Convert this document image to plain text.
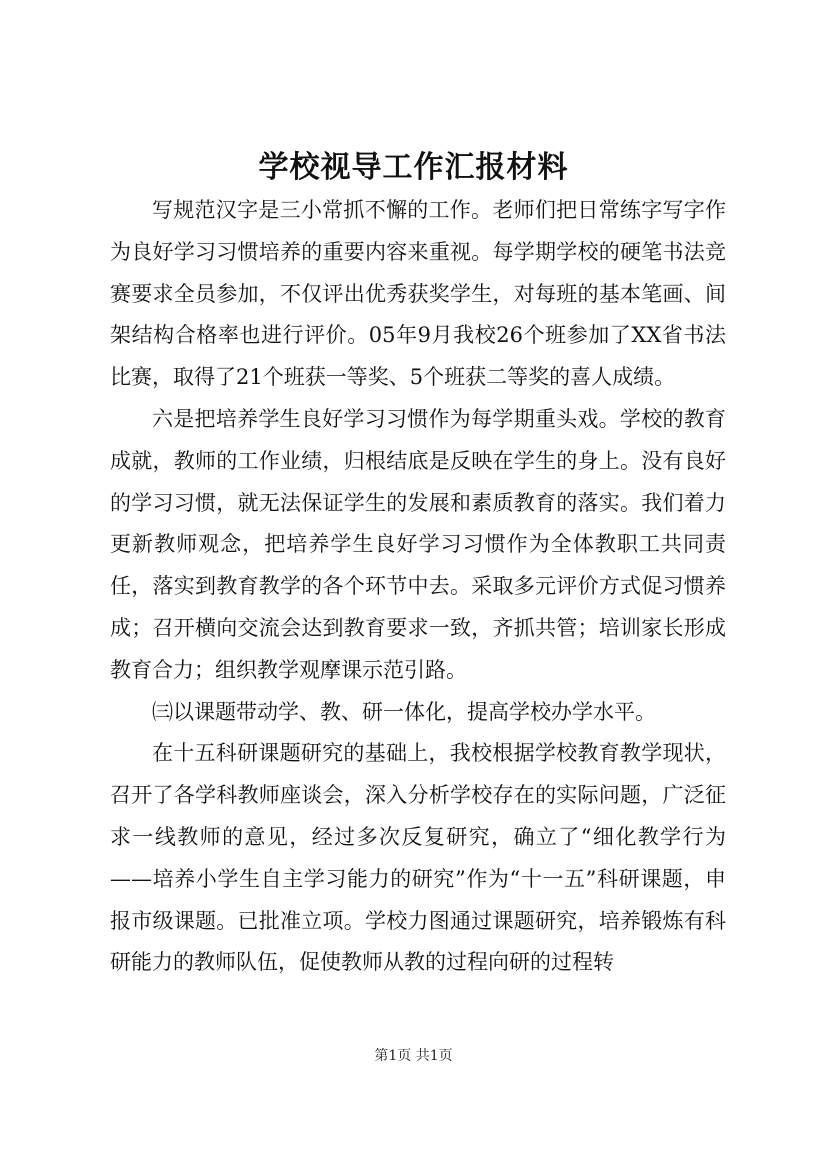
学校视导工作汇报材料

写规范汉字是三小常抓不懈的工作。老师们把日常练字写字作为良好学习习惯培养的重要内容来重视。每学期学校的硬笔书法竞赛要求全员参加，不仅评出优秀获奖学生，对每班的基本笔画、间架结构合格率也进行评价。05年9月我校26个班参加了XX省书法比赛，取得了21个班获一等奖、5个班获二等奖的喜人成绩。

六是把培养学生良好学习习惯作为每学期重头戏。学校的教育成就，教师的工作业绩，归根结底是反映在学生的身上。没有良好的学习习惯，就无法保证学生的发展和素质教育的落实。我们着力更新教师观念，把培养学生良好学习习惯作为全体教职工共同责任，落实到教育教学的各个环节中去。采取多元评价方式促习惯养成；召开横向交流会达到教育要求一致，齐抓共管；培训家长形成教育合力；组织教学观摩课示范引路。

㈢以课题带动学、教、研一体化，提高学校办学水平。

在十五科研课题研究的基础上，我校根据学校教育教学现状，召开了各学科教师座谈会，深入分析学校存在的实际问题，广泛征求一线教师的意见，经过多次反复研究，确立了“细化教学行为——培养小学生自主学习能力的研究”作为“十一五”科研课题，申报市级课题。已批准立项。学校力图通过课题研究，培养锻炼有科研能力的教师队伍，促使教师从教的过程向研的过程转

第1页 共1页
